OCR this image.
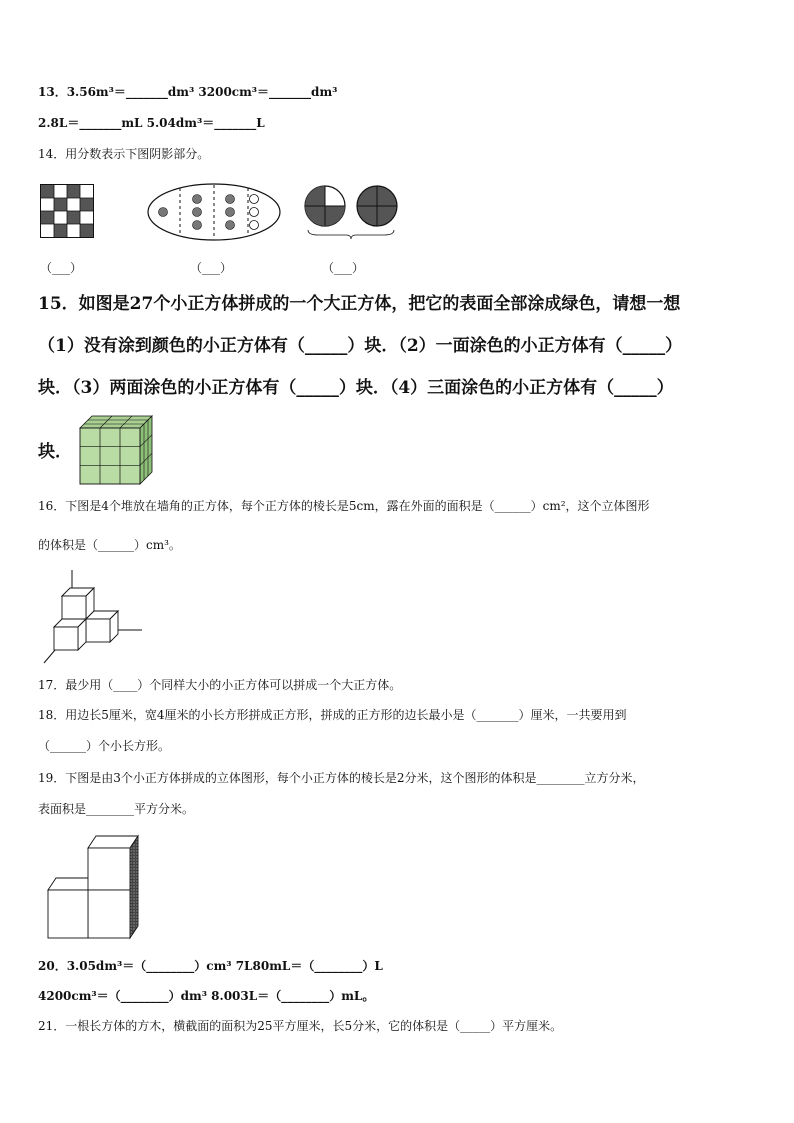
13．3.56m³＝_______dm³ 3200cm³＝_______dm³
2.8L＝_______mL 5.04dm³＝_______L
14．用分数表示下图阴影部分。
（___）	（___）	（___）
15．如图是27个小正方体拼成的一个大正方体，把它的表面全部涂成绿色，请想一想
（1）没有涂到颜色的小正方体有（_____）块．（2）一面涂色的小正方体有（_____）
块．（3）两面涂色的小正方体有（_____）块．（4）三面涂色的小正方体有（_____）
块．
16．下图是4个堆放在墙角的正方体，每个正方体的棱长是5cm，露在外面的面积是（______）cm²，这个立体图形
的体积是（______）cm³。
17．最少用（____）个同样大小的小正方体可以拼成一个大正方体。
18．用边长5厘米，宽4厘米的小长方形拼成正方形，拼成的正方形的边长最小是（_______）厘米，一共要用到
（______）个小长方形。
19．下图是由3个小正方体拼成的立体图形，每个小正方体的棱长是2分米，这个图形的体积是________立方分米，
表面积是________平方分米。
20．3.05dm³＝（________）cm³ 7L80mL＝（________）L
4200cm³＝（________）dm³ 8.003L＝（________）mL。
21．一根长方体的方木，横截面的面积为25平方厘米，长5分米，它的体积是（_____）平方厘米。
